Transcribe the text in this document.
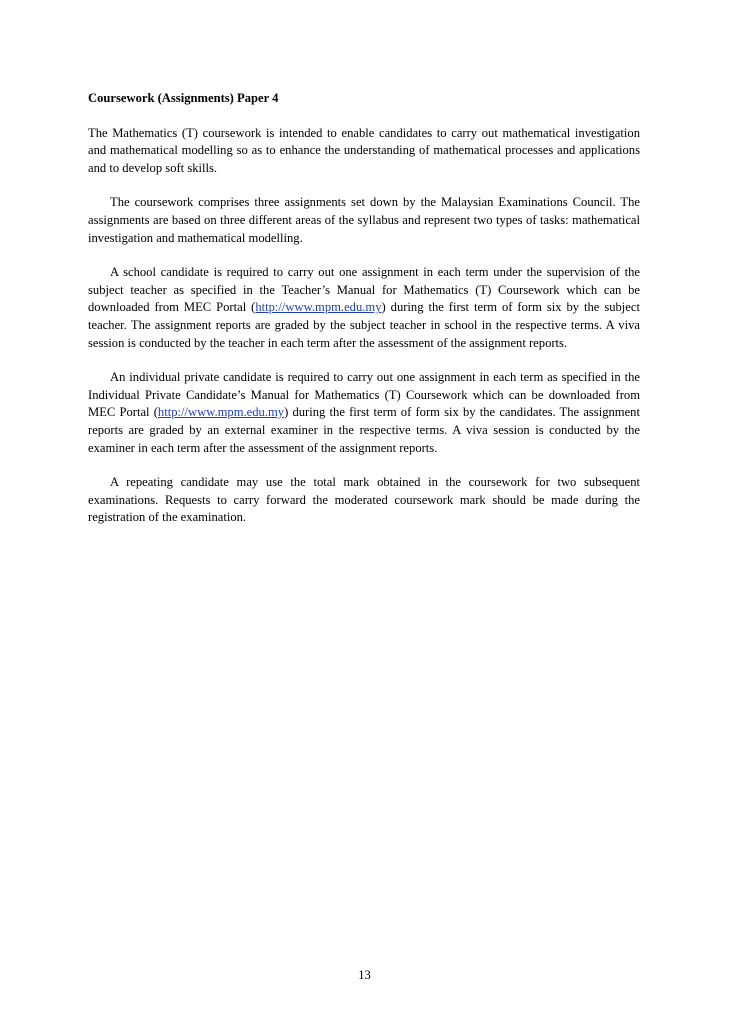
Coursework (Assignments) Paper 4

The Mathematics (T) coursework is intended to enable candidates to carry out mathematical investigation and mathematical modelling so as to enhance the understanding of mathematical processes and applications and to develop soft skills.

The coursework comprises three assignments set down by the Malaysian Examinations Council. The assignments are based on three different areas of the syllabus and represent two types of tasks: mathematical investigation and mathematical modelling.

A school candidate is required to carry out one assignment in each term under the supervision of the subject teacher as specified in the Teacher’s Manual for Mathematics (T) Coursework which can be downloaded from MEC Portal (http://www.mpm.edu.my) during the first term of form six by the subject teacher. The assignment reports are graded by the subject teacher in school in the respective terms. A viva session is conducted by the teacher in each term after the assessment of the assignment reports.

An individual private candidate is required to carry out one assignment in each term as specified in the Individual Private Candidate’s Manual for Mathematics (T) Coursework which can be downloaded from MEC Portal (http://www.mpm.edu.my) during the first term of form six by the candidates. The assignment reports are graded by an external examiner in the respective terms. A viva session is conducted by the examiner in each term after the assessment of the assignment reports.

A repeating candidate may use the total mark obtained in the coursework for two subsequent examinations. Requests to carry forward the moderated coursework mark should be made during the registration of the examination.

13
